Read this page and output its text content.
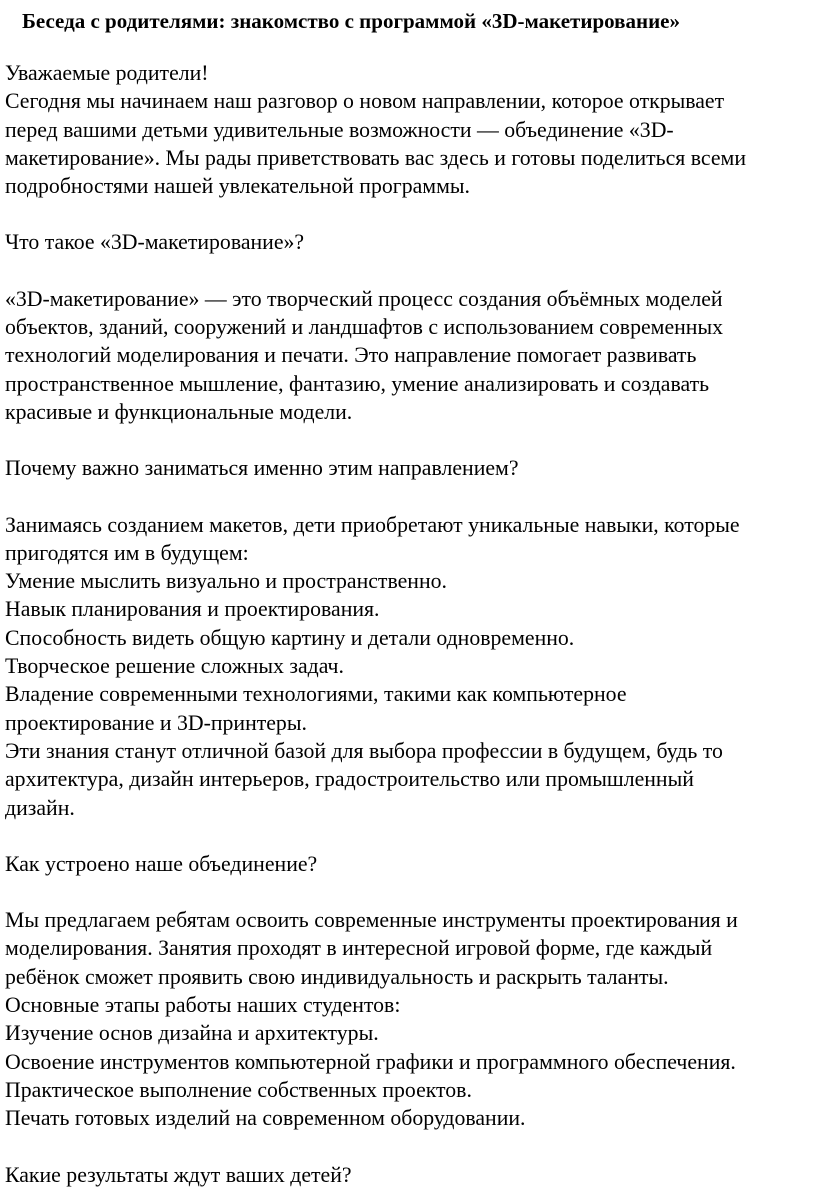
Беседа с родителями: знакомство с программой «3D-макетирование»
Уважаемые родители!
Сегодня мы начинаем наш разговор о новом направлении, которое открывает
перед вашими детьми удивительные возможности — объединение «3D-
макетирование». Мы рады приветствовать вас здесь и готовы поделиться всеми
подробностями нашей увлекательной программы.
Что такое «3D-макетирование»?
«3D-макетирование» — это творческий процесс создания объёмных моделей
объектов, зданий, сооружений и ландшафтов с использованием современных
технологий моделирования и печати. Это направление помогает развивать
пространственное мышление, фантазию, умение анализировать и создавать
красивые и функциональные модели.
Почему важно заниматься именно этим направлением?
Занимаясь созданием макетов, дети приобретают уникальные навыки, которые
пригодятся им в будущем:
Умение мыслить визуально и пространственно.
Навык планирования и проектирования.
Способность видеть общую картину и детали одновременно.
Творческое решение сложных задач.
Владение современными технологиями, такими как компьютерное
проектирование и 3D-принтеры.
Эти знания станут отличной базой для выбора профессии в будущем, будь то
архитектура, дизайн интерьеров, градостроительство или промышленный
дизайн.
Как устроено наше объединение?
Мы предлагаем ребятам освоить современные инструменты проектирования и
моделирования. Занятия проходят в интересной игровой форме, где каждый
ребёнок сможет проявить свою индивидуальность и раскрыть таланты.
Основные этапы работы наших студентов:
Изучение основ дизайна и архитектуры.
Освоение инструментов компьютерной графики и программного обеспечения.
Практическое выполнение собственных проектов.
Печать готовых изделий на современном оборудовании.
Какие результаты ждут ваших детей?
